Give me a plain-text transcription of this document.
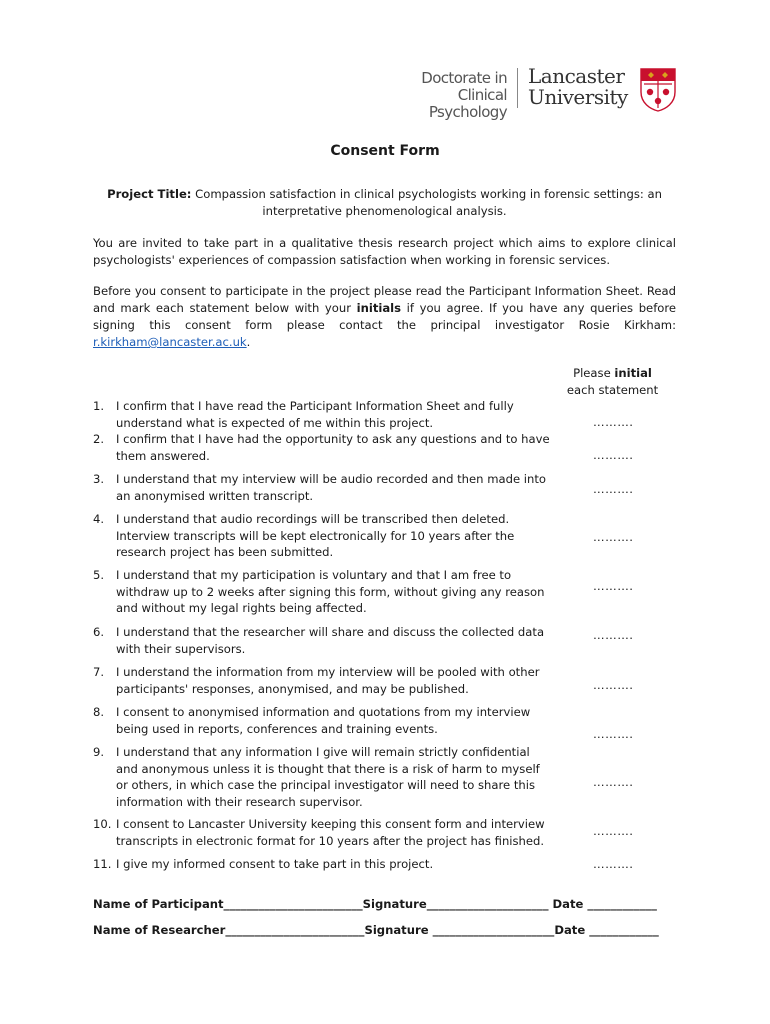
Doctorate in
Clinical Psychology
Lancaster
University
Consent Form
Project Title: Compassion satisfaction in clinical psychologists working in forensic settings: an interpretative phenomenological analysis.
You are invited to take part in a qualitative thesis research project which aims to explore clinical psychologists' experiences of compassion satisfaction when working in forensic services.
Before you consent to participate in the project please read the Participant Information Sheet. Read and mark each statement below with your initials if you agree. If you have any queries before signing this consent form please contact the principal investigator Rosie Kirkham: r.kirkham@lancaster.ac.uk.
Please initial
each statement
1.	I confirm that I have read the Participant Information Sheet and fully understand what is expected of me within this project.	……….
2.	I confirm that I have had the opportunity to ask any questions and to have them answered.	……….
3.	I understand that my interview will be audio recorded and then made into an anonymised written transcript.	……….
4.	I understand that audio recordings will be transcribed then deleted. Interview transcripts will be kept electronically for 10 years after the research project has been submitted.
……….
5.	I understand that my participation is voluntary and that I am free to withdraw up to 2 weeks after signing this form, without giving any reason and without my legal rights being affected.
……….
6.	I understand that the researcher will share and discuss the collected data with their supervisors.
……….
7.	I understand the information from my interview will be pooled with other participants' responses, anonymised, and may be published.	……….
8.	I consent to anonymised information and quotations from my interview being used in reports, conferences and training events.	……….
9.	I understand that any information I give will remain strictly confidential and anonymous unless it is thought that there is a risk of harm to myself or others, in which case the principal investigator will need to share this information with their research supervisor.
……….
10. I consent to Lancaster University keeping this consent form and interview transcripts in electronic format for 10 years after the project has finished.
……….
11. I give my informed consent to take part in this project.	……….
Name of Participant________________________Signature_____________________ Date ____________
Name of Researcher________________________Signature _____________________Date ____________
